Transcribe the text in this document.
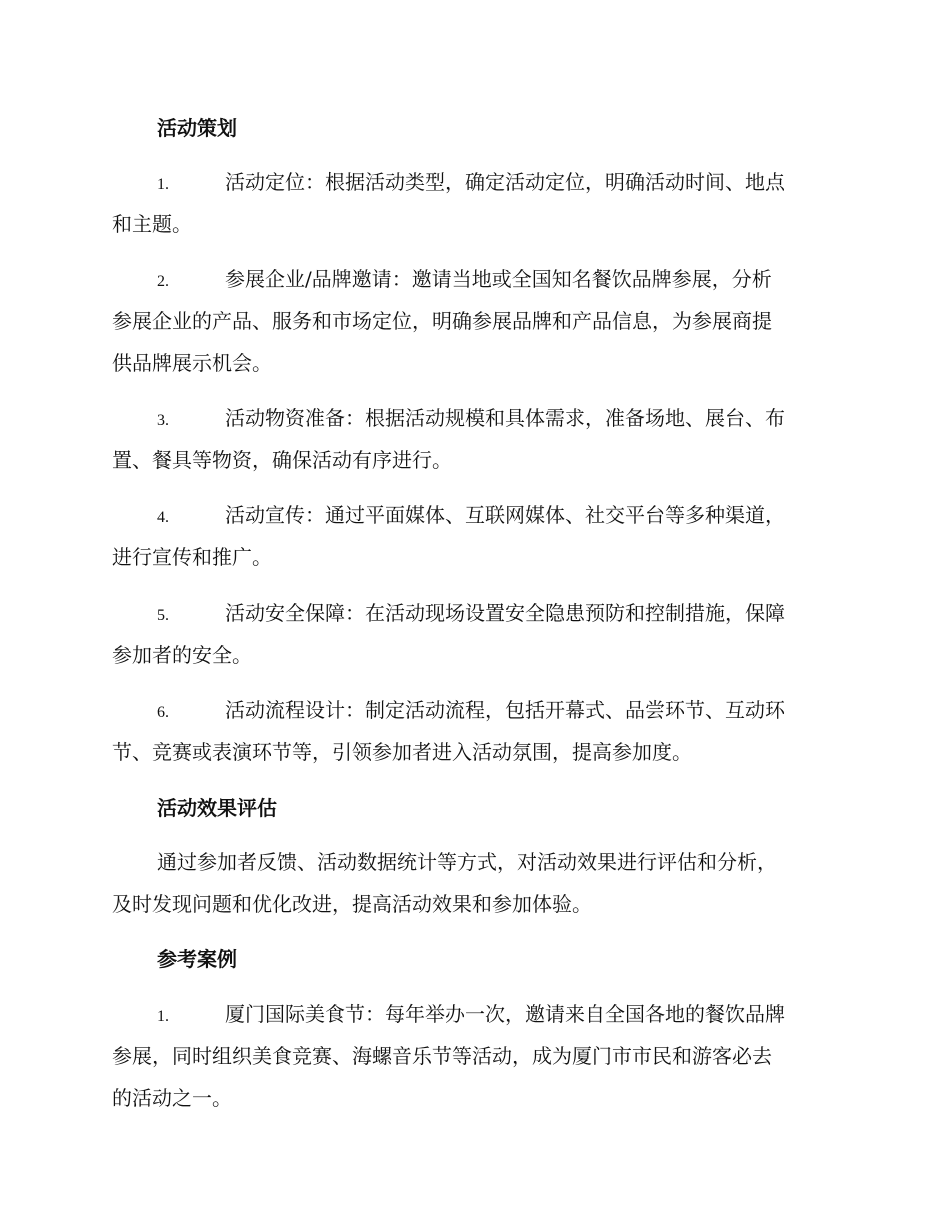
活动策划
1.	活动定位：根据活动类型，确定活动定位，明确活动时间、地点
和主题。
2.	参展企业/品牌邀请：邀请当地或全国知名餐饮品牌参展，分析
参展企业的产品、服务和市场定位，明确参展品牌和产品信息，为参展商提
供品牌展示机会。
3.	活动物资准备：根据活动规模和具体需求，准备场地、展台、布
置、餐具等物资，确保活动有序进行。
4.	活动宣传：通过平面媒体、互联网媒体、社交平台等多种渠道，
进行宣传和推广。
5.	活动安全保障：在活动现场设置安全隐患预防和控制措施，保障
参加者的安全。
6.	活动流程设计：制定活动流程，包括开幕式、品尝环节、互动环
节、竞赛或表演环节等，引领参加者进入活动氛围，提高参加度。
活动效果评估
通过参加者反馈、活动数据统计等方式，对活动效果进行评估和分析，
及时发现问题和优化改进，提高活动效果和参加体验。
参考案例
1.	厦门国际美食节：每年举办一次，邀请来自全国各地的餐饮品牌
参展，同时组织美食竞赛、海螺音乐节等活动，成为厦门市市民和游客必去
的活动之一。
